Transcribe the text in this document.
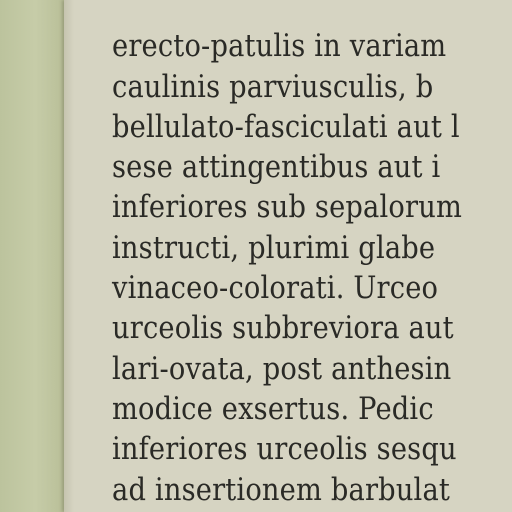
erecto-patulis in variam
caulinis parviusculis, b
bellulato-fasciculati aut l
sese attingentibus aut i
inferiores sub sepalorum
instructi, plurimi glabe
vinaceo-colorati. Urceo
urceolis subbreviora aut
lari-ovata, post anthesin
modice exsertus. Pedic
inferiores urceolis sesqu
ad insertionem barbulat
